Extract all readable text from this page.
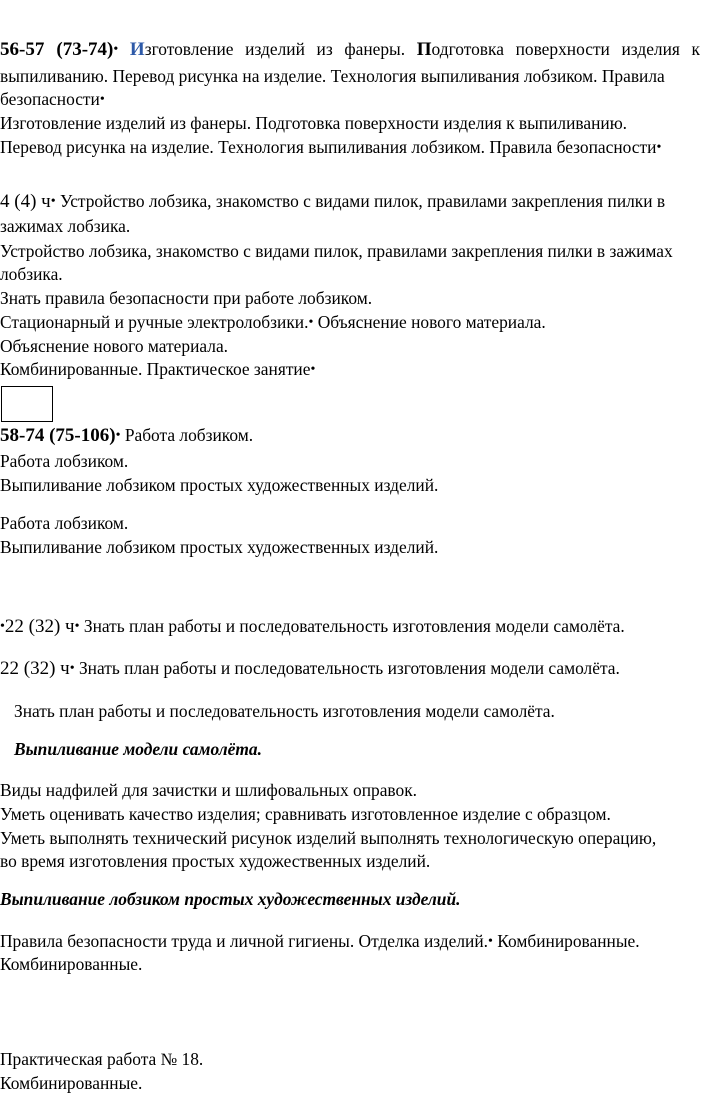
56-57 (73-74)• Изготовление изделий из фанеры. Подготовка поверхности изделия к
выпиливанию. Перевод рисунка на изделие. Технология выпиливания лобзиком. Правила
безопасности•
Изготовление изделий из фанеры. Подготовка поверхности изделия к выпиливанию.
Перевод рисунка на изделие. Технология выпиливания лобзиком. Правила безопасности•
4 (4) ч• Устройство лобзика, знакомство с видами пилок, правилами закрепления пилки в
зажимах лобзика.
Устройство лобзика, знакомство с видами пилок, правилами закрепления пилки в зажимах
лобзика.
Знать правила безопасности при работе лобзиком.
Стационарный и ручные электролобзики.• Объяснение нового материала.
Объяснение нового материала.
Комбинированные. Практическое занятие•
58-74 (75-106)• Работа лобзиком.
Работа лобзиком.
Выпиливание лобзиком простых художественных изделий.
Работа лобзиком.
Выпиливание лобзиком простых художественных изделий.
•22 (32) ч• Знать план работы и последовательность изготовления модели самолёта.
22 (32) ч• Знать план работы и последовательность изготовления модели самолёта.
Знать план работы и последовательность изготовления модели самолёта.
Выпиливание модели самолёта.
Виды надфилей для зачистки и шлифовальных оправок.
Уметь оценивать качество изделия; сравнивать изготовленное изделие с образцом.
Уметь выполнять технический рисунок изделий выполнять технологическую операцию,
во время изготовления простых художественных изделий.
Выпиливание лобзиком простых художественных изделий.
Правила безопасности труда и личной гигиены. Отделка изделий.• Комбинированные.
Комбинированные.
Практическая работа № 18.
Комбинированные.
